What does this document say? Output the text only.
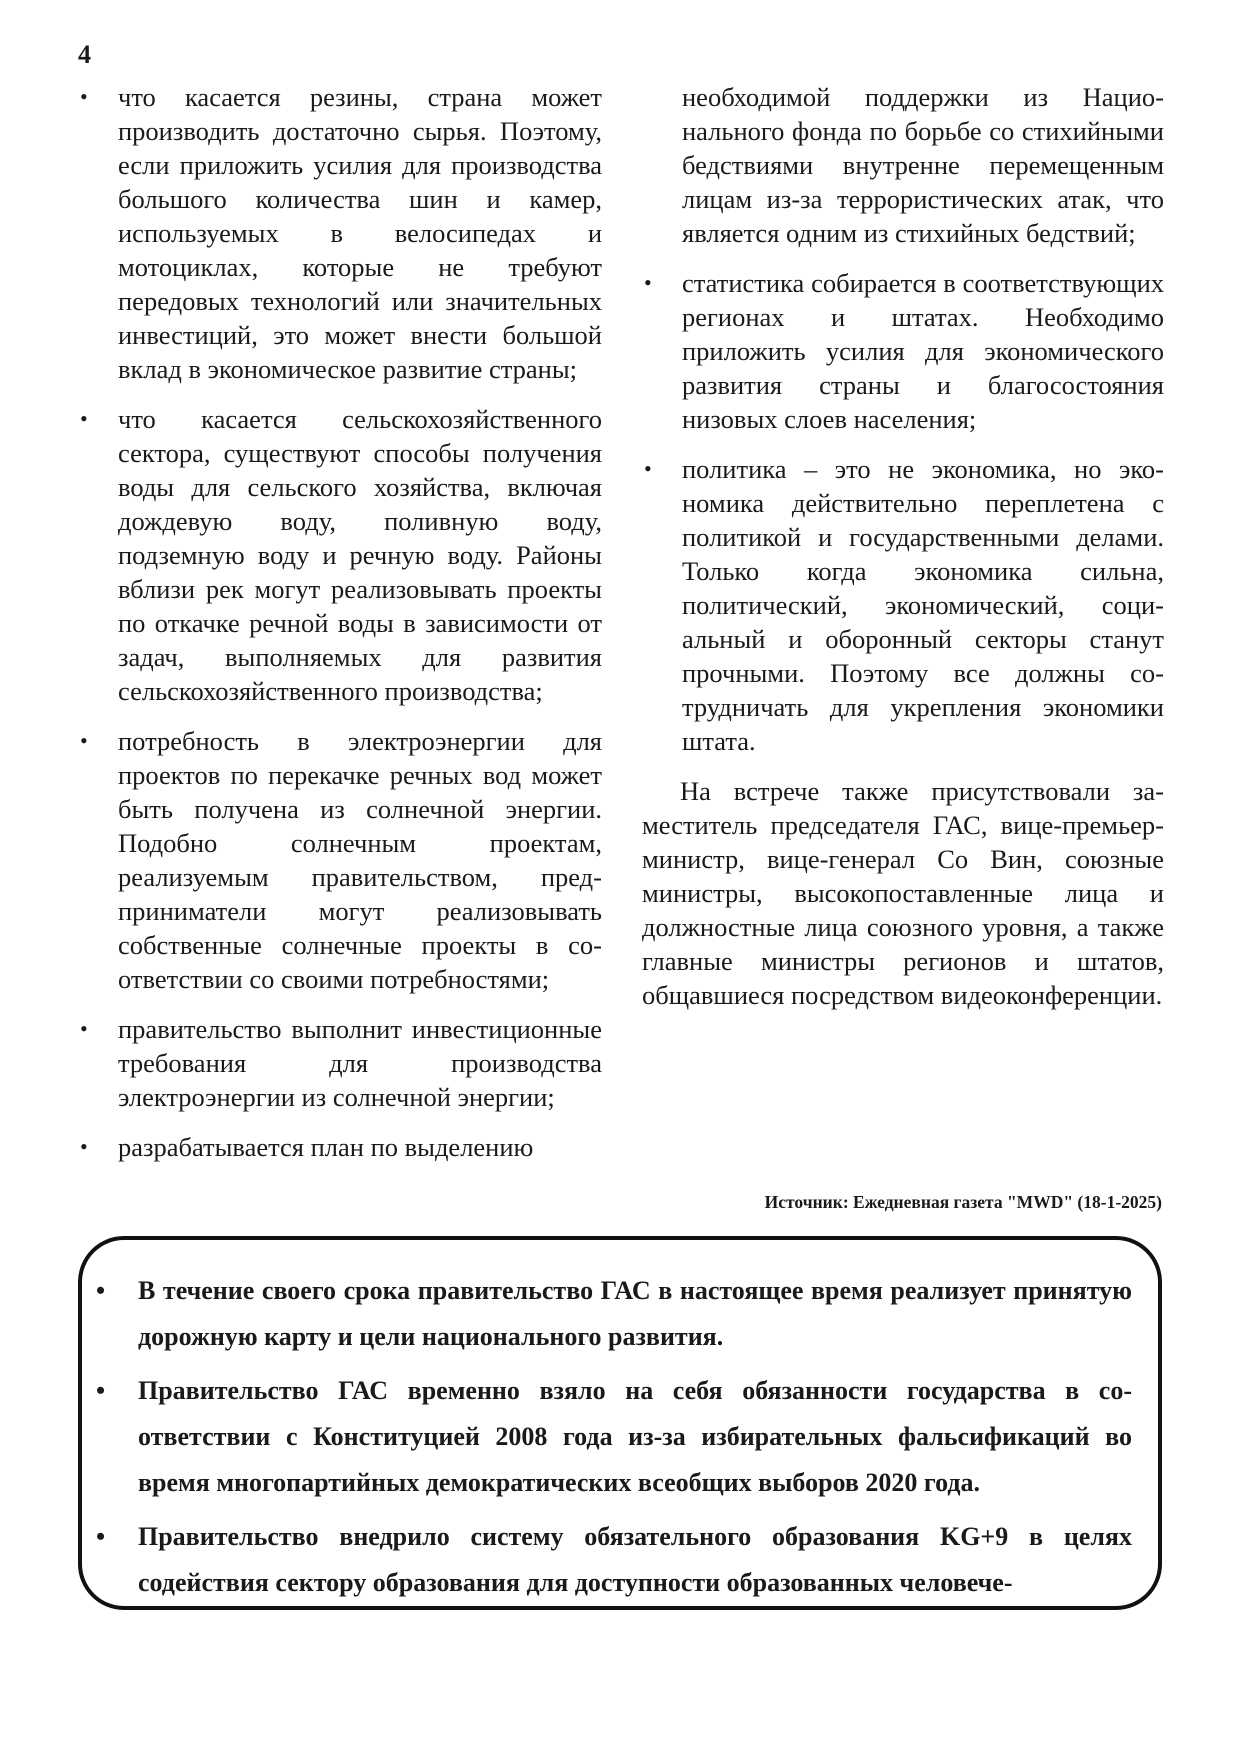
4
• что касается резины, страна может производить достаточно сырья. Поэтому, если приложить усилия для производства большого количества шин и камер, используемых в велосипедах и мотоциклах, которые не требуют передовых технологий или значительных инвестиций, это может внести большой вклад в экономическое развитие страны;
• что касается сельскохозяйственного сектора, существуют способы получения воды для сельского хозяйства, включая дождевую воду, поливную воду, подземную воду и речную воду. Районы вблизи рек могут реализовывать проекты по откачке речной воды в зависимости от задач, выполняемых для развития сельскохозяйственного производства;
• потребность в электроэнергии для проектов по перекачке речных вод может быть получена из солнечной энергии. Подобно солнечным проектам, реализуемым правительством, предприниматели могут реализовывать собственные солнечные проекты в соответствии со своими потребностями;
• правительство выполнит инвестиционные требования для производства электроэнергии из солнечной энергии;
• разрабатывается план по выделению

необходимой поддержки из Национального фонда по борьбе со стихийными бедствиями внутренне перемещенным лицам из-за террористических атак, что является одним из стихийных бедствий;

• статистика собирается в соответствующих регионах и штатах. Необходимо приложить усилия для экономического развития страны и благосостояния низовых слоев населения;
• политика – это не экономика, но экономика действительно переплетена с политикой и государственными делами. Только когда экономика сильна, политический, экономический, социальный и оборонный секторы станут прочными. Поэтому все должны сотрудничать для укрепления экономики штата.

На встрече также присутствовали заместитель председателя ГАС, вице-премьер-министр, вице-генерал Со Вин, союзные министры, высокопоставленные лица и должностные лица союзного уровня, а также главные министры регионов и штатов, общавшиеся посредством видеоконференции.

Источник: Ежедневная газета "MWD" (18-1-2025)
• В течение своего срока правительство ГАС в настоящее время реализует принятую дорожную карту и цели национального развития.
• Правительство ГАС временно взяло на себя обязанности государства в соответствии с Конституцией 2008 года из-за избирательных фальсификаций во время многопартийных демократических всеобщих выборов 2020 года.
• Правительство внедрило систему обязательного образования KG+9 в целях содействия сектору образования для доступности образованных человече-
